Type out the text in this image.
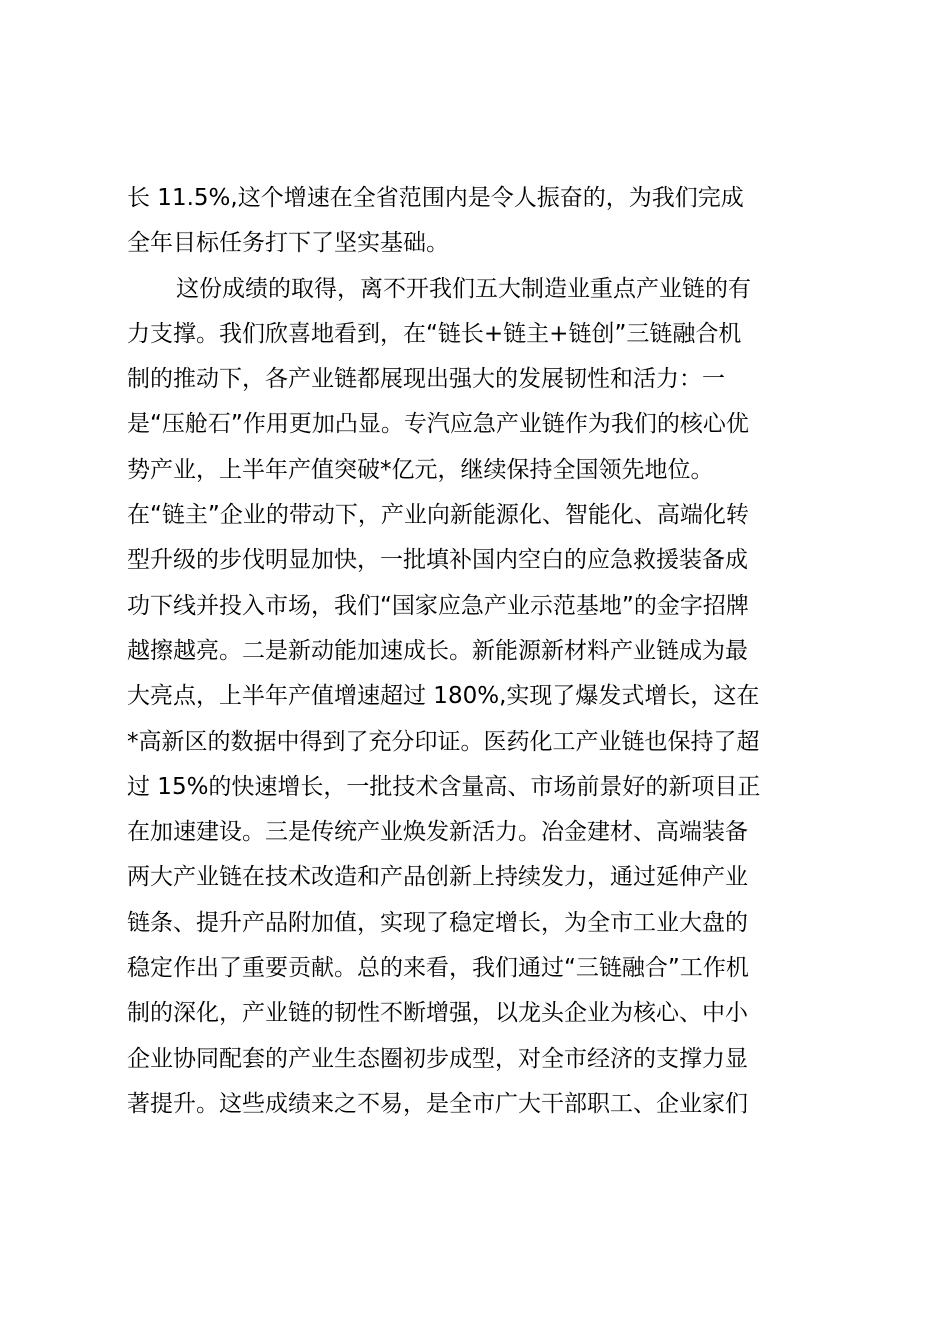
长 11.5%,这个增速在全省范围内是令人振奋的，为我们完成
全年目标任务打下了坚实基础。
这份成绩的取得，离不开我们五大制造业重点产业链的有
力支撑。我们欣喜地看到，在“链长+链主+链创”三链融合机
制的推动下，各产业链都展现出强大的发展韧性和活力：一
是“压舱石”作用更加凸显。专汽应急产业链作为我们的核心优
势产业，上半年产值突破*亿元，继续保持全国领先地位。
在“链主”企业的带动下，产业向新能源化、智能化、高端化转
型升级的步伐明显加快，一批填补国内空白的应急救援装备成
功下线并投入市场，我们“国家应急产业示范基地”的金字招牌
越擦越亮。二是新动能加速成长。新能源新材料产业链成为最
大亮点，上半年产值增速超过 180%,实现了爆发式增长，这在
*高新区的数据中得到了充分印证。医药化工产业链也保持了超
过 15%的快速增长，一批技术含量高、市场前景好的新项目正
在加速建设。三是传统产业焕发新活力。冶金建材、高端装备
两大产业链在技术改造和产品创新上持续发力，通过延伸产业
链条、提升产品附加值，实现了稳定增长，为全市工业大盘的
稳定作出了重要贡献。总的来看，我们通过“三链融合”工作机
制的深化，产业链的韧性不断增强，以龙头企业为核心、中小
企业协同配套的产业生态圈初步成型，对全市经济的支撑力显
著提升。这些成绩来之不易，是全市广大干部职工、企业家们
